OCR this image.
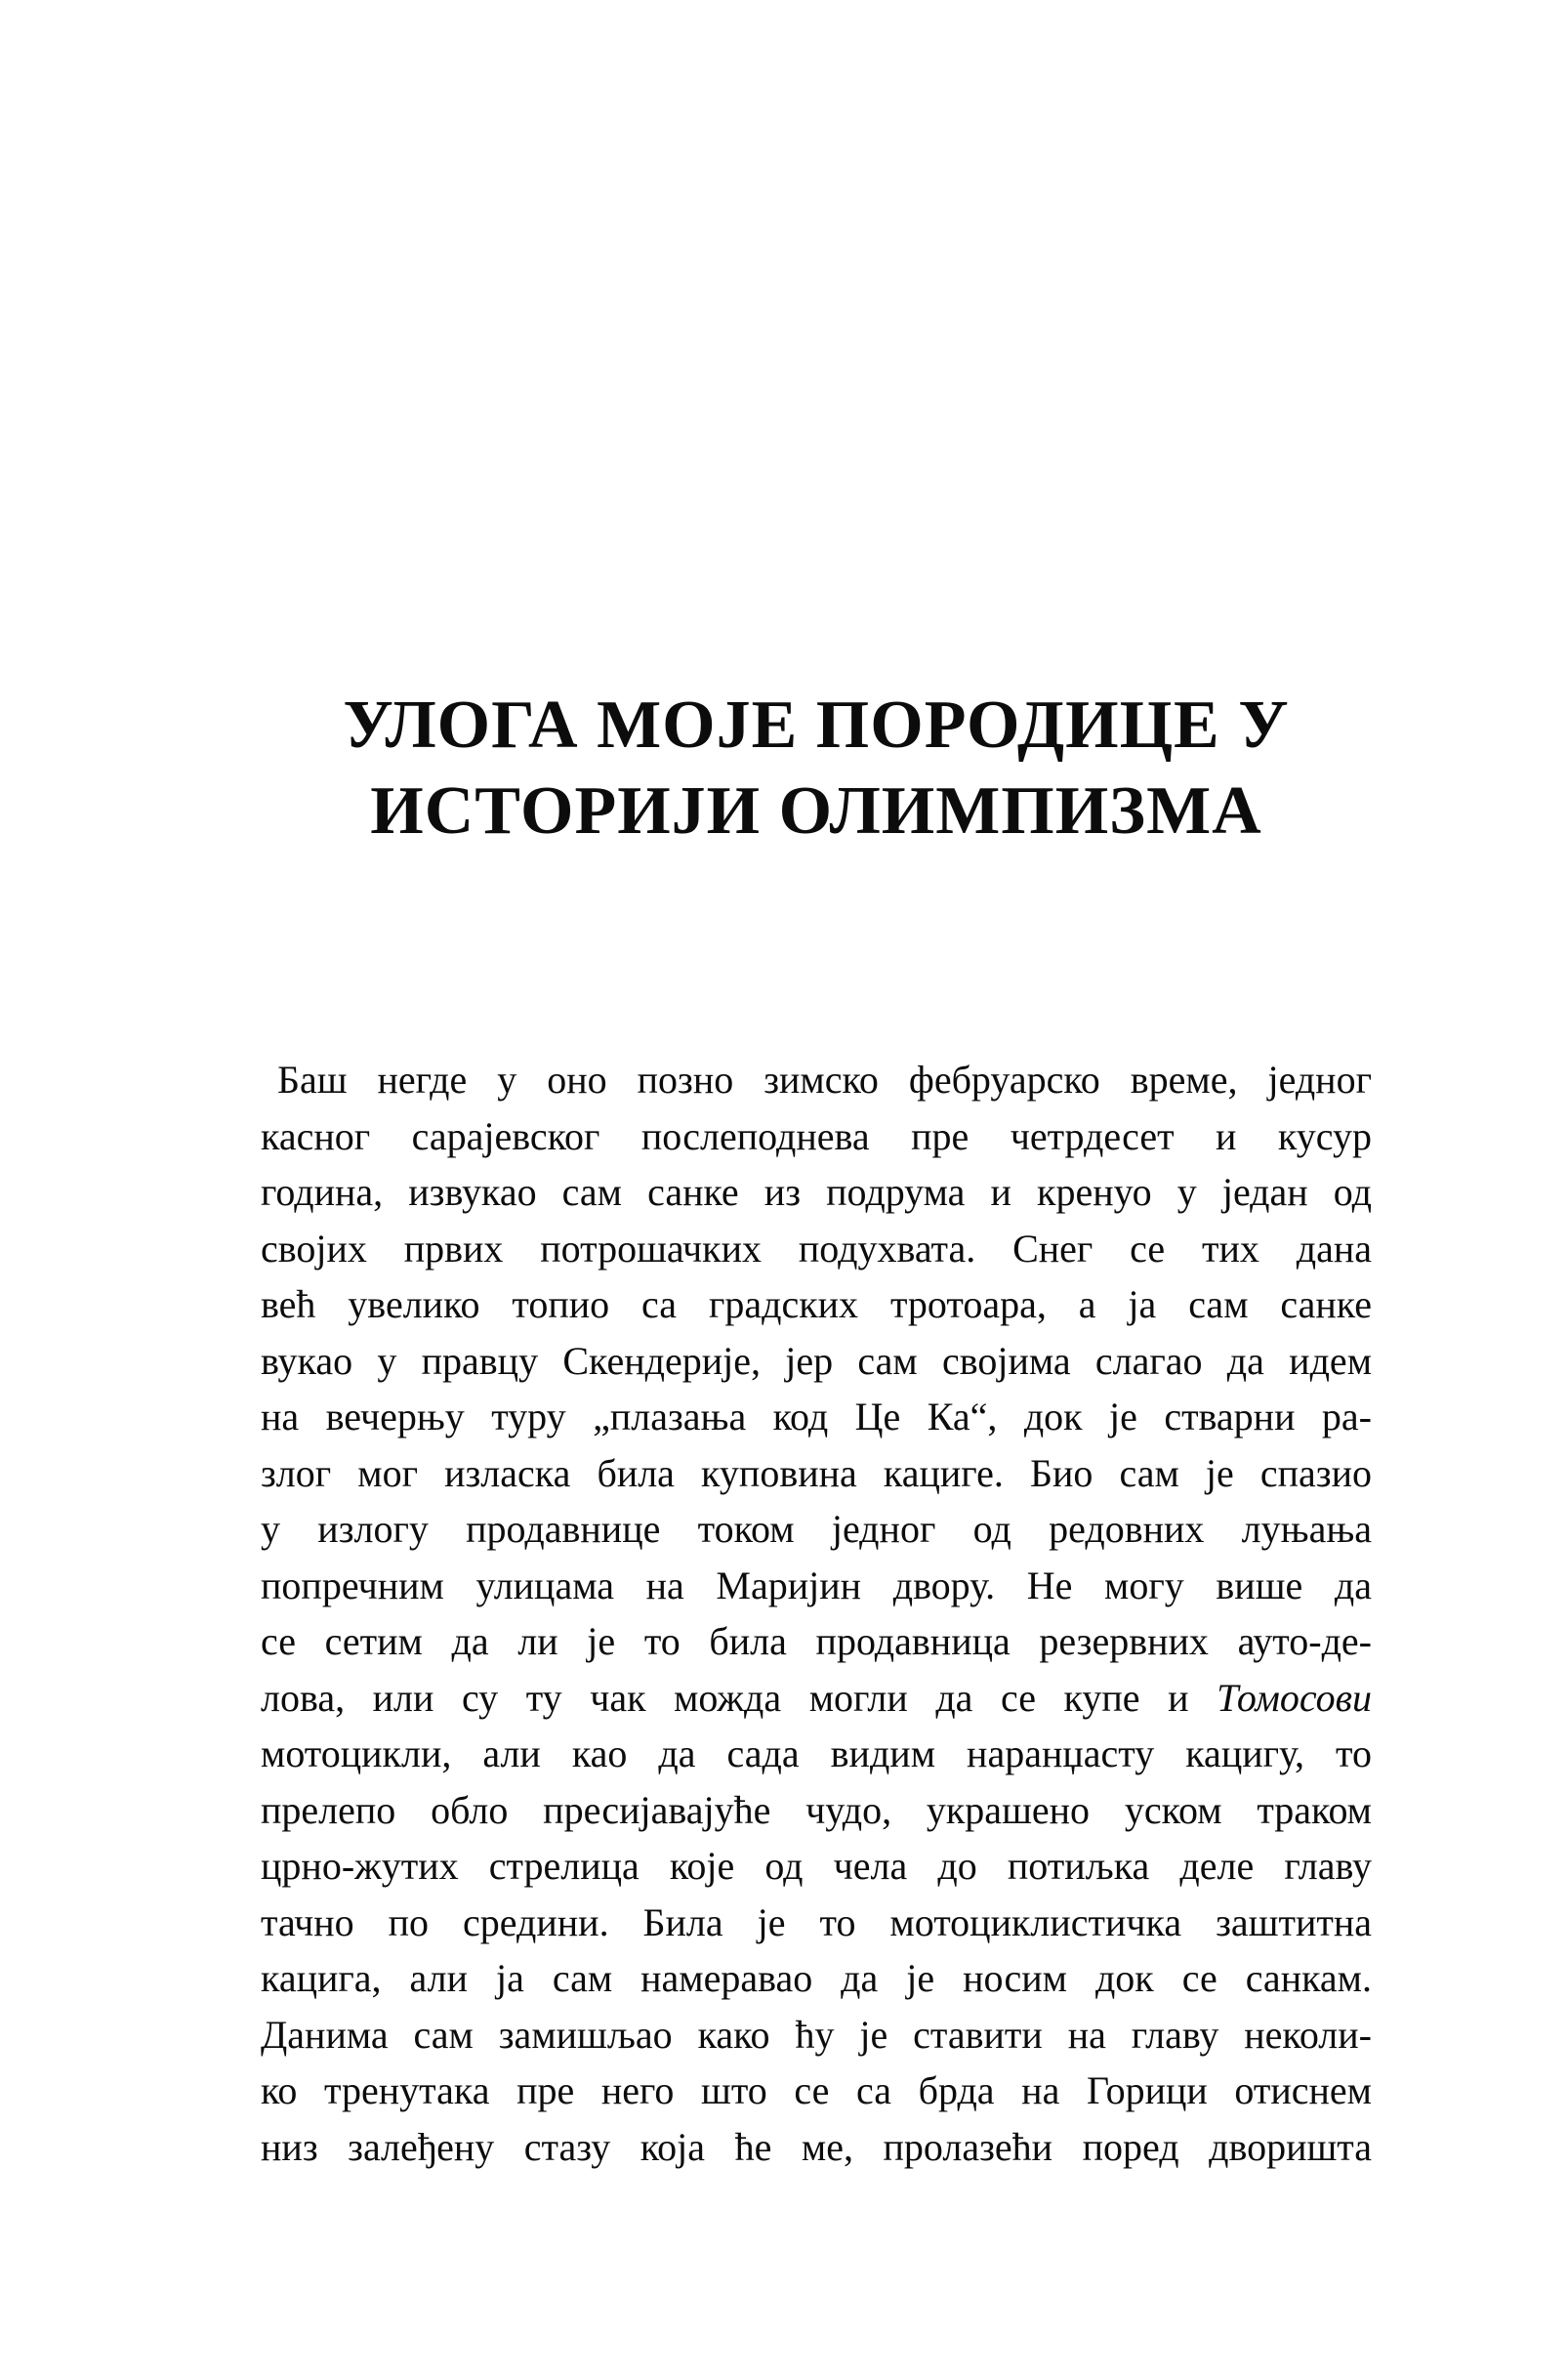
УЛОГА МОЈЕ ПОРОДИЦЕ У
ИСТОРИЈИ ОЛИМПИЗМА
Баш негде у оно позно зимско фебруарско време, једног
касног сарајевског послеподнева пре четрдесет и кусур
година, извукао сам санке из подрума и кренуо у један од
својих првих потрошачких подухвата. Снег се тих дана
већ увелико топио са градских тротоара, а ја сам санке
вукао у правцу Скендерије, јер сам својима слагао да идем
на вечерњу туру „плазања код Це Ка“, док је стварни ра-
злог мог изласка била куповина кациге. Био сам је спазио
у излогу продавнице током једног од редовних луњања
попречним улицама на Маријин двору. Не могу више да
се сетим да ли је то била продавница резервних ауто-де-
лова, или су ту чак можда могли да се купе и Томосови
мотоцикли, али као да сада видим наранџасту кацигу, то
прелепо обло пресијавајуће чудо, украшено уском траком
црно-жутих стрелица које од чела до потиљка деле главу
тачно по средини. Била је то мотоциклистичка заштитна
кацига, али ја сам намеравао да је носим док се санкам.
Данима сам замишљао како ћу је ставити на главу неколи-
ко тренутака пре него што се са брда на Горици отиснем
низ залеђену стазу која ће ме, пролазећи поред дворишта
